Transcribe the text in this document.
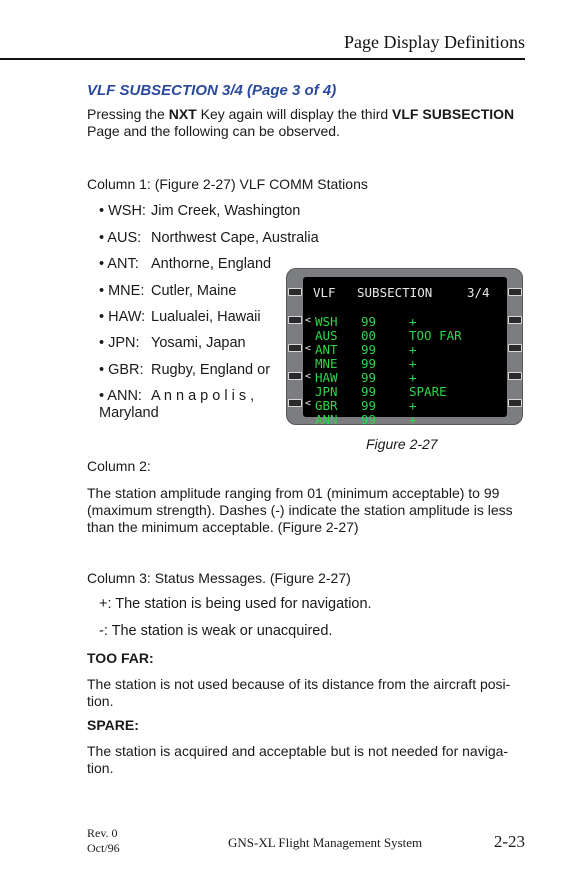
Page Display Definitions
VLF SUBSECTION 3/4 (Page 3 of 4)
Pressing the NXT Key again will display the third VLF SUBSECTION
Page and the following can be observed.
Column 1: (Figure 2-27) VLF COMM Stations
• WSH: Jim Creek, Washington
• AUS: Northwest Cape, Australia
• ANT: Anthorne, England
• MNE: Cutler, Maine
• HAW: Lualualei, Hawaii
• JPN: Yosami, Japan
• GBR: Rugby, England or
• ANN: A n n a p o l i s ,
Maryland
VLF SUBSECTION	3/4
<
<
<
<
WSH 99	+
AUS 00	TOO FAR
ANT 99	+
MNE 99	+
HAW 99	+
JPN 99	SPARE
GBR 99	+
ANN 99	+
Figure 2-27
Column 2:
The station amplitude ranging from 01 (minimum acceptable) to 99
(maximum strength). Dashes (-) indicate the station amplitude is less
than the minimum acceptable. (Figure 2-27)
Column 3: Status Messages. (Figure 2-27)
+: The station is being used for navigation.
-: The station is weak or unacquired.
TOO FAR:
The station is not used because of its distance from the aircraft posi-
tion.
SPARE:
The station is acquired and acceptable but is not needed for naviga-
tion.
Rev. 0
Oct/96	GNS-XL Flight Management System	2-23
